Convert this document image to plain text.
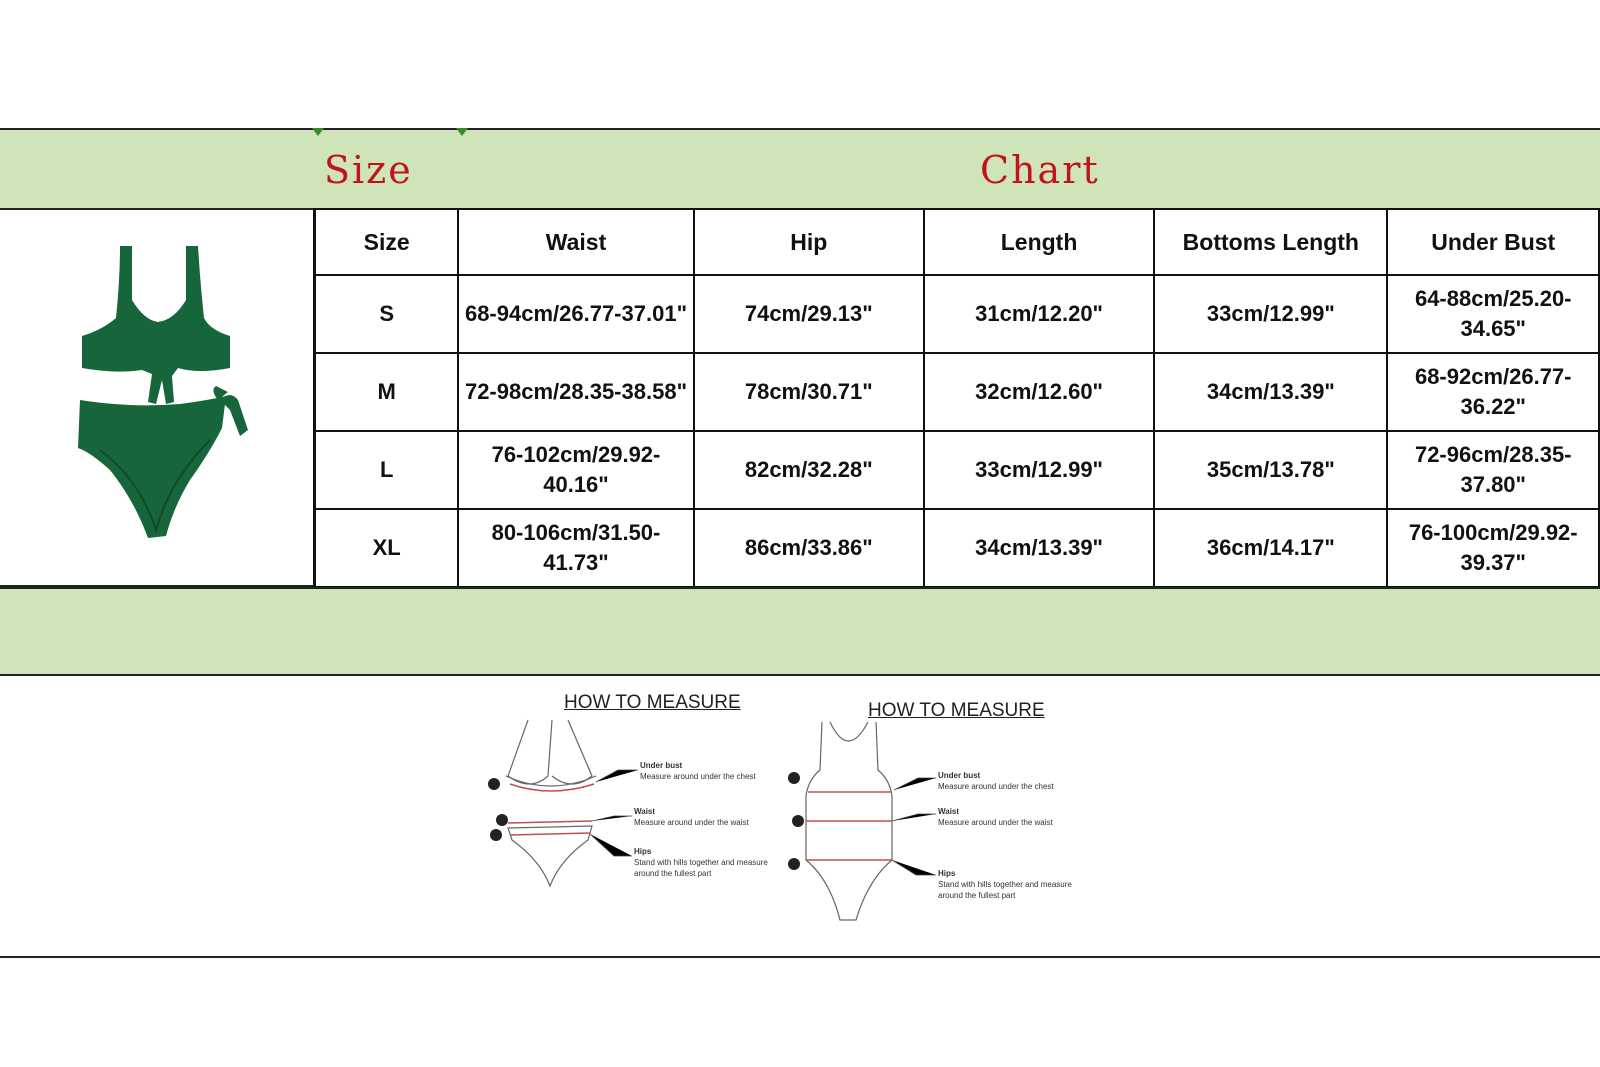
Size	Chart
Size	Waist	Hip	Length	Bottoms Length	Under Bust
S	68-94cm/26.77-37.01"	74cm/29.13"	31cm/12.20"	33cm/12.99"	64-88cm/25.20-34.65"
M	72-98cm/28.35-38.58"	78cm/30.71"	32cm/12.60"	34cm/13.39"	68-92cm/26.77-36.22"
L	76-102cm/29.92-40.16"	82cm/32.28"	33cm/12.99"	35cm/13.78"	72-96cm/28.35-37.80"
XL	80-106cm/31.50-41.73"	86cm/33.86"	34cm/13.39"	36cm/14.17"	76-100cm/29.92-39.37"
HOW TO MEASURE	HOW TO MEASURE
Under bust
Measure around under the chest
Waist
Measure around under the waist
Hips
Stand with hills together and measure around the fullest part
Under bust
Measure around under the chest
Waist
Measure around under the waist
Hips
Stand with hills together and measure around the fullest part
